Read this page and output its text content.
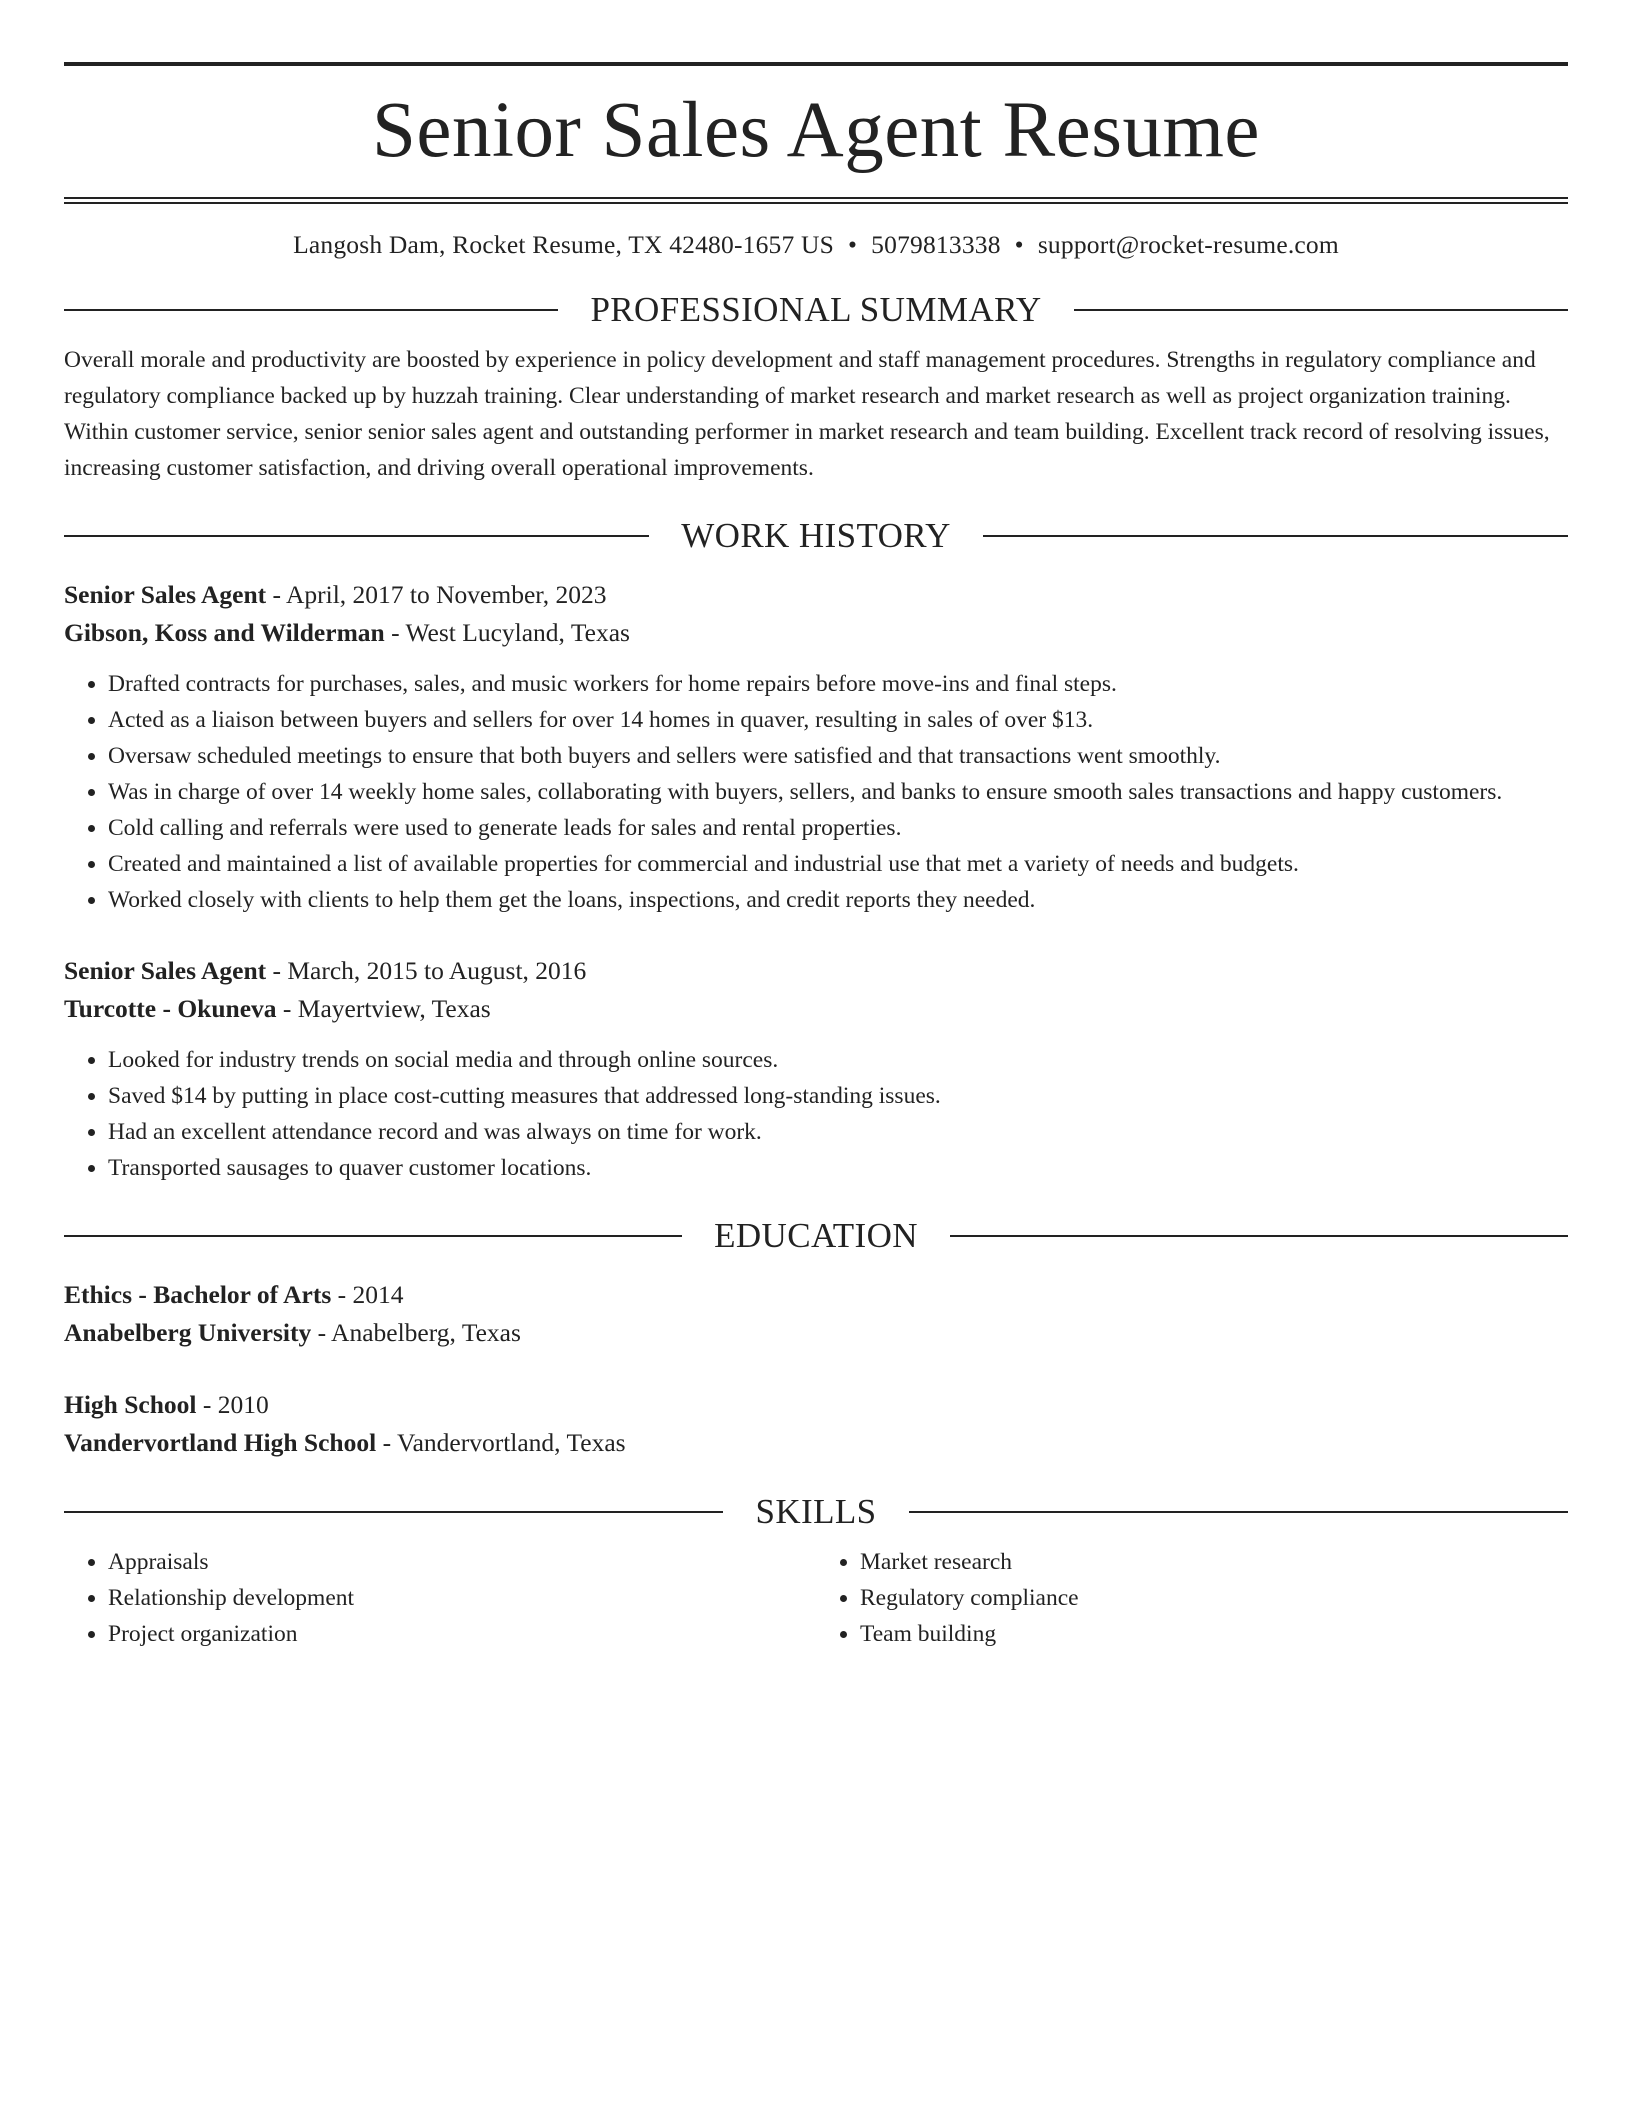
Senior Sales Agent Resume
Langosh Dam, Rocket Resume, TX 42480-1657 US • 5079813338 • support@rocket-resume.com
PROFESSIONAL SUMMARY

Overall morale and productivity are boosted by experience in policy development and staff management procedures. Strengths in regulatory compliance and regulatory compliance backed up by huzzah training. Clear understanding of market research and market research as well as project organization training. Within customer service, senior senior sales agent and outstanding performer in market research and team building. Excellent track record of resolving issues, increasing customer satisfaction, and driving overall operational improvements.

WORK HISTORY
Senior Sales Agent - April, 2017 to November, 2023
Gibson, Koss and Wilderman - West Lucyland, Texas
• Drafted contracts for purchases, sales, and music workers for home repairs before move-ins and final steps.
• Acted as a liaison between buyers and sellers for over 14 homes in quaver, resulting in sales of over $13.
• Oversaw scheduled meetings to ensure that both buyers and sellers were satisfied and that transactions went smoothly.
• Was in charge of over 14 weekly home sales, collaborating with buyers, sellers, and banks to ensure smooth sales transactions and happy customers.
• Cold calling and referrals were used to generate leads for sales and rental properties.
• Created and maintained a list of available properties for commercial and industrial use that met a variety of needs and budgets.
• Worked closely with clients to help them get the loans, inspections, and credit reports they needed.
Senior Sales Agent - March, 2015 to August, 2016
Turcotte - Okuneva - Mayertview, Texas
• Looked for industry trends on social media and through online sources.
• Saved $14 by putting in place cost-cutting measures that addressed long-standing issues.
• Had an excellent attendance record and was always on time for work.
• Transported sausages to quaver customer locations.
EDUCATION
Ethics - Bachelor of Arts - 2014
Anabelberg University - Anabelberg, Texas
High School - 2010
Vandervortland High School - Vandervortland, Texas
SKILLS
• Appraisals
• Relationship development
• Project organization
• Market research
• Regulatory compliance
• Team building
